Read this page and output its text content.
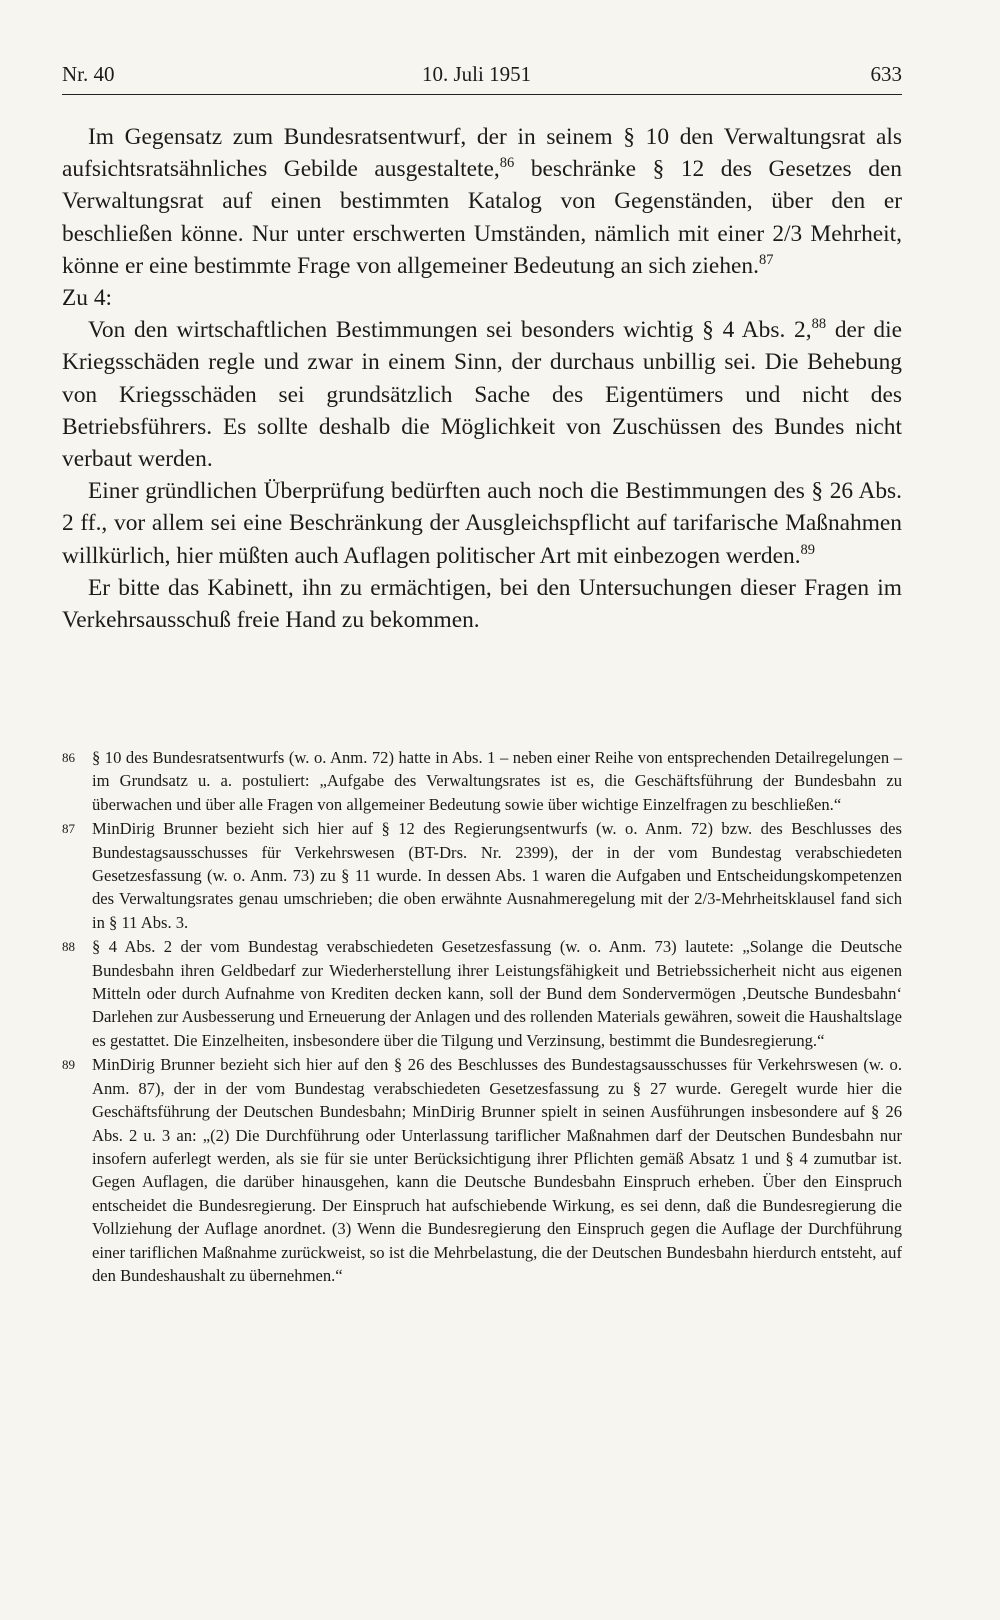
Nr. 40	10. Juli 1951	633

Im Gegensatz zum Bundesratsentwurf, der in seinem § 10 den Verwaltungsrat als aufsichtsratsähnliches Gebilde ausgestaltete,$^{86}$ beschränke § 12 des Gesetzes den Verwaltungsrat auf einen bestimmten Katalog von Gegenständen, über den er beschließen könne. Nur unter erschwerten Umständen, nämlich mit einer 2/3 Mehrheit, könne er eine bestimmte Frage von allgemeiner Bedeutung an sich ziehen.$^{87}$

Zu 4:

Von den wirtschaftlichen Bestimmungen sei besonders wichtig § 4 Abs. 2,88 der die Kriegsschäden regle und zwar in einem Sinn, der durchaus unbillig sei. Die Behebung von Kriegsschäden sei grundsätzlich Sache des Eigentümers und nicht des Betriebsführers. Es sollte deshalb die Möglichkeit von Zuschüssen des Bundes nicht verbaut werden.

Einer gründlichen Überprüfung bedürften auch noch die Bestimmungen des § 26 Abs. 2 ff., vor allem sei eine Beschränkung der Ausgleichspflicht auf tarifarische Maßnahmen willkürlich, hier müßten auch Auflagen politischer Art mit einbezogen werden.$^{89}$

Er bitte das Kabinett, ihn zu ermächtigen, bei den Untersuchungen dieser Fragen im Verkehrsausschuß freie Hand zu bekommen.

86 § 10 des Bundesratsentwurfs (w. o. Anm. 72) hatte in Abs. 1 – neben einer Reihe von entsprechenden Detailregelungen – im Grundsatz u. a. postuliert: „Aufgabe des Verwaltungsrates ist es, die Geschäftsführung der Bundesbahn zu überwachen und über alle Fragen von allgemeiner Bedeutung sowie über wichtige Einzelfragen zu beschließen.“
87 MinDirig Brunner bezieht sich hier auf § 12 des Regierungsentwurfs (w. o. Anm. 72) bzw. des Beschlusses des Bundestagsausschusses für Verkehrswesen (BT-Drs. Nr. 2399), der in der vom Bundestag verabschiedeten Gesetzesfassung (w. o. Anm. 73) zu § 11 wurde. In dessen Abs. 1 waren die Aufgaben und Entscheidungskompetenzen des Verwaltungsrates genau umschrieben; die oben erwähnte Ausnahmeregelung mit der 2/3-Mehrheitsklausel fand sich in § 11 Abs. 3.
88 § 4 Abs. 2 der vom Bundestag verabschiedeten Gesetzesfassung (w. o. Anm. 73) lautete: „Solange die Deutsche Bundesbahn ihren Geldbedarf zur Wiederherstellung ihrer Leistungsfähigkeit und Betriebssicherheit nicht aus eigenen Mitteln oder durch Aufnahme von Krediten decken kann, soll der Bund dem Sondervermögen ‚Deutsche Bundesbahn‘ Darlehen zur Ausbesserung und Erneuerung der Anlagen und des rollenden Materials gewähren, soweit die Haushaltslage es gestattet. Die Einzelheiten, insbesondere über die Tilgung und Verzinsung, bestimmt die Bundesregierung.“
89 MinDirig Brunner bezieht sich hier auf den § 26 des Beschlusses des Bundestagsausschusses für Verkehrswesen (w. o. Anm. 87), der in der vom Bundestag verabschiedeten Gesetzesfassung zu § 27 wurde. Geregelt wurde hier die Geschäftsführung der Deutschen Bundesbahn; MinDirig Brunner spielt in seinen Ausführungen insbesondere auf § 26 Abs. 2 u. 3 an: „(2) Die Durchführung oder Unterlassung tariflicher Maßnahmen darf der Deutschen Bundesbahn nur insofern auferlegt werden, als sie für sie unter Berücksichtigung ihrer Pflichten gemäß Absatz 1 und § 4 zumutbar ist. Gegen Auflagen, die darüber hinausgehen, kann die Deutsche Bundesbahn Einspruch erheben. Über den Einspruch entscheidet die Bundesregierung. Der Einspruch hat aufschiebende Wirkung, es sei denn, daß die Bundesregierung die Vollziehung der Auflage anordnet. (3) Wenn die Bundesregierung den Einspruch gegen die Auflage der Durchführung einer tariflichen Maßnahme zurückweist, so ist die Mehrbelastung, die der Deutschen Bundesbahn hierdurch entsteht, auf den Bundeshaushalt zu übernehmen.“
